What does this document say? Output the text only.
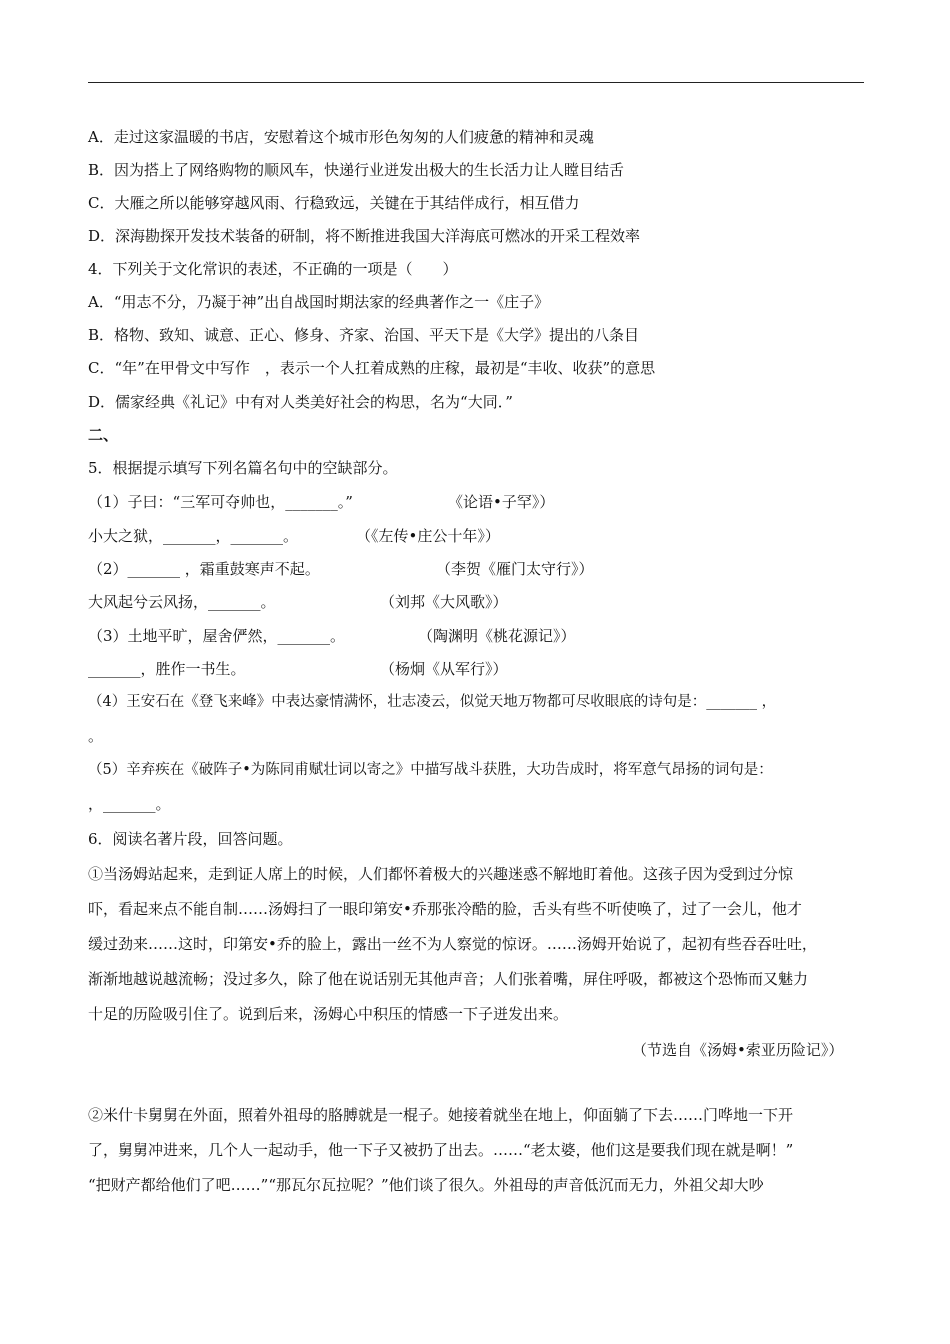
A．走过这家温暖的书店，安慰着这个城市形色匆匆的人们疲惫的精神和灵魂
B．因为搭上了网络购物的顺风车，快递行业迸发出极大的生长活力让人瞠目结舌
C．大雁之所以能够穿越风雨、行稳致远，关键在于其结伴成行，相互借力
D．深海勘探开发技术装备的研制，将不断推进我国大洋海底可燃冰的开采工程效率
4．下列关于文化常识的表述，不正确的一项是（　　）
A．“用志不分，乃凝于神”出自战国时期法家的经典著作之一《庄子》
B．格物、致知、诚意、正心、修身、齐家、治国、平天下是《大学》提出的八条目
C．“年”在甲骨文中写作　，表示一个人扛着成熟的庄稼，最初是“丰收、收获”的意思
D．儒家经典《礼记》中有对人类美好社会的构思，名为“大同．”
二、
5．根据提示填写下列名篇名句中的空缺部分。
（1）子曰：“三军可夺帅也，_______。”	《论语•子罕》）
小大之狱，_______，_______。	（《左传•庄公十年》）
（2）_______ ，霜重鼓寒声不起。	（李贺《雁门太守行》）
大风起兮云风扬，_______。	（刘邦《大风歌》）
（3）土地平旷，屋舍俨然，_______。	（陶渊明《桃花源记》）
_______，胜作一书生。	（杨炯《从军行》）
（4）王安石在《登飞来峰》中表达豪情满怀，壮志凌云，似觉天地万物都可尽收眼底的诗句是：_______ ，
。
（5）辛弃疾在《破阵子•为陈同甫赋壮词以寄之》中描写战斗获胜，大功告成时，将军意气昂扬的词句是：
，_______。
6．阅读名著片段，回答问题。
①当汤姆站起来，走到证人席上的时候，人们都怀着极大的兴趣迷惑不解地盯着他。这孩子因为受到过分惊
吓，看起来点不能自制……汤姆扫了一眼印第安•乔那张冷酷的脸，舌头有些不听使唤了，过了一会儿，他才
缓过劲来……这时，印第安•乔的脸上，露出一丝不为人察觉的惊讶。……汤姆开始说了，起初有些吞吞吐吐，
渐渐地越说越流畅；没过多久，除了他在说话别无其他声音；人们张着嘴，屏住呼吸，都被这个恐怖而又魅力
十足的历险吸引住了。说到后来，汤姆心中积压的情感一下子迸发出来。
（节选自《汤姆•索亚历险记》）
②米什卡舅舅在外面，照着外祖母的胳膊就是一棍子。她接着就坐在地上，仰面躺了下去……门哗地一下开
了，舅舅冲进来，几个人一起动手，他一下子又被扔了出去。……“老太婆，他们这是要我们现在就是啊！”
“把财产都给他们了吧……”“那瓦尔瓦拉呢？”他们谈了很久。外祖母的声音低沉而无力，外祖父却大吵
